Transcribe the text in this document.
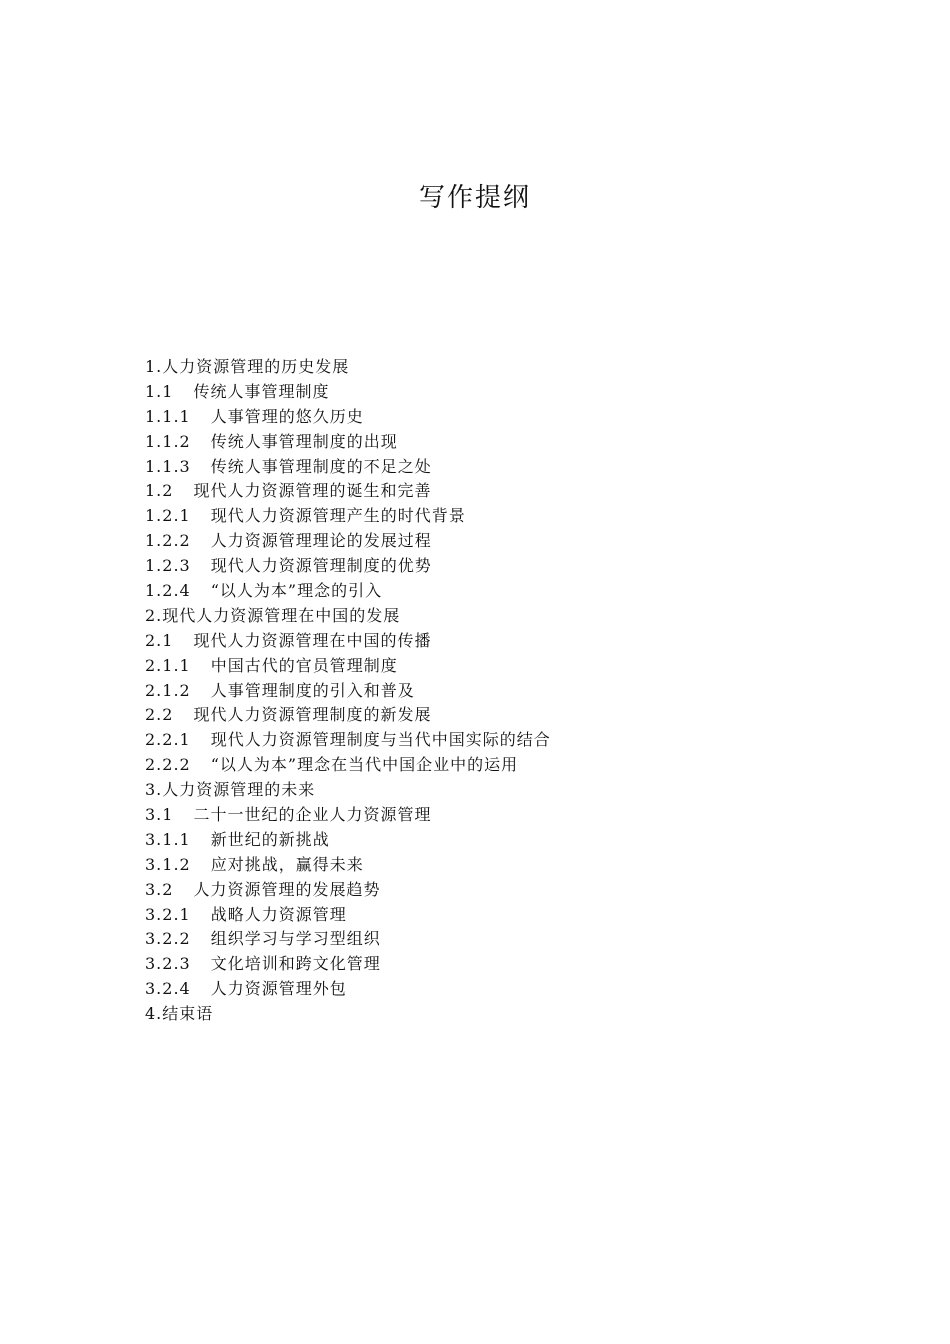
写作提纲
1.人力资源管理的历史发展
1.1 传统人事管理制度
1.1.1 人事管理的悠久历史
1.1.2 传统人事管理制度的出现
1.1.3 传统人事管理制度的不足之处
1.2 现代人力资源管理的诞生和完善
1.2.1 现代人力资源管理产生的时代背景
1.2.2 人力资源管理理论的发展过程
1.2.3 现代人力资源管理制度的优势
1.2.4 “以人为本”理念的引入
2.现代人力资源管理在中国的发展
2.1 现代人力资源管理在中国的传播
2.1.1 中国古代的官员管理制度
2.1.2 人事管理制度的引入和普及
2.2 现代人力资源管理制度的新发展
2.2.1 现代人力资源管理制度与当代中国实际的结合
2.2.2 “以人为本”理念在当代中国企业中的运用
3.人力资源管理的未来
3.1 二十一世纪的企业人力资源管理
3.1.1 新世纪的新挑战
3.1.2 应对挑战，赢得未来
3.2 人力资源管理的发展趋势
3.2.1 战略人力资源管理
3.2.2 组织学习与学习型组织
3.2.3 文化培训和跨文化管理
3.2.4 人力资源管理外包
4.结束语
